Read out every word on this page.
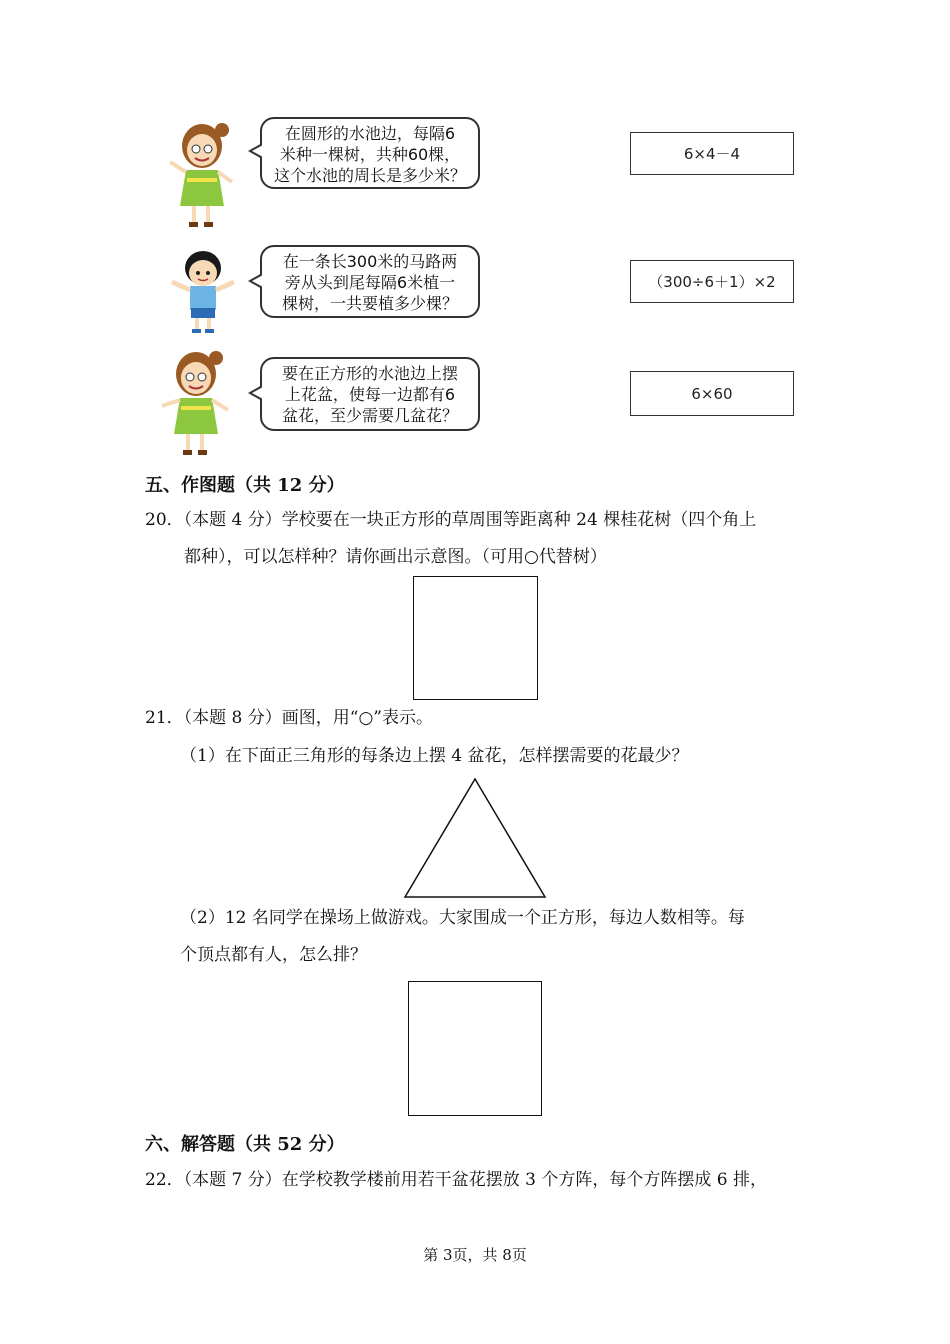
在圆形的水池边，每隔6
米种一棵树，共种60棵，
这个水池的周长是多少米？
在一条长300米的马路两
旁从头到尾每隔6米植一
棵树，一共要植多少棵？
要在正方形的水池边上摆
上花盆，使每一边都有6
盆花，至少需要几盆花？
6×4－4
（300÷6＋1）×2
6×60
五、作图题（共 12 分）
20．（本题 4 分）学校要在一块正方形的草周围等距离种 24 棵桂花树（四个角上
都种），可以怎样种？请你画出示意图。（可用○代替树）
21．（本题 8 分）画图，用“○”表示。
（1）在下面正三角形的每条边上摆 4 盆花，怎样摆需要的花最少？
（2）12 名同学在操场上做游戏。大家围成一个正方形，每边人数相等。每
个顶点都有人，怎么排？
六、解答题（共 52 分）
22．（本题 7 分）在学校教学楼前用若干盆花摆放 3 个方阵，每个方阵摆成 6 排，
第 3页，共 8页
